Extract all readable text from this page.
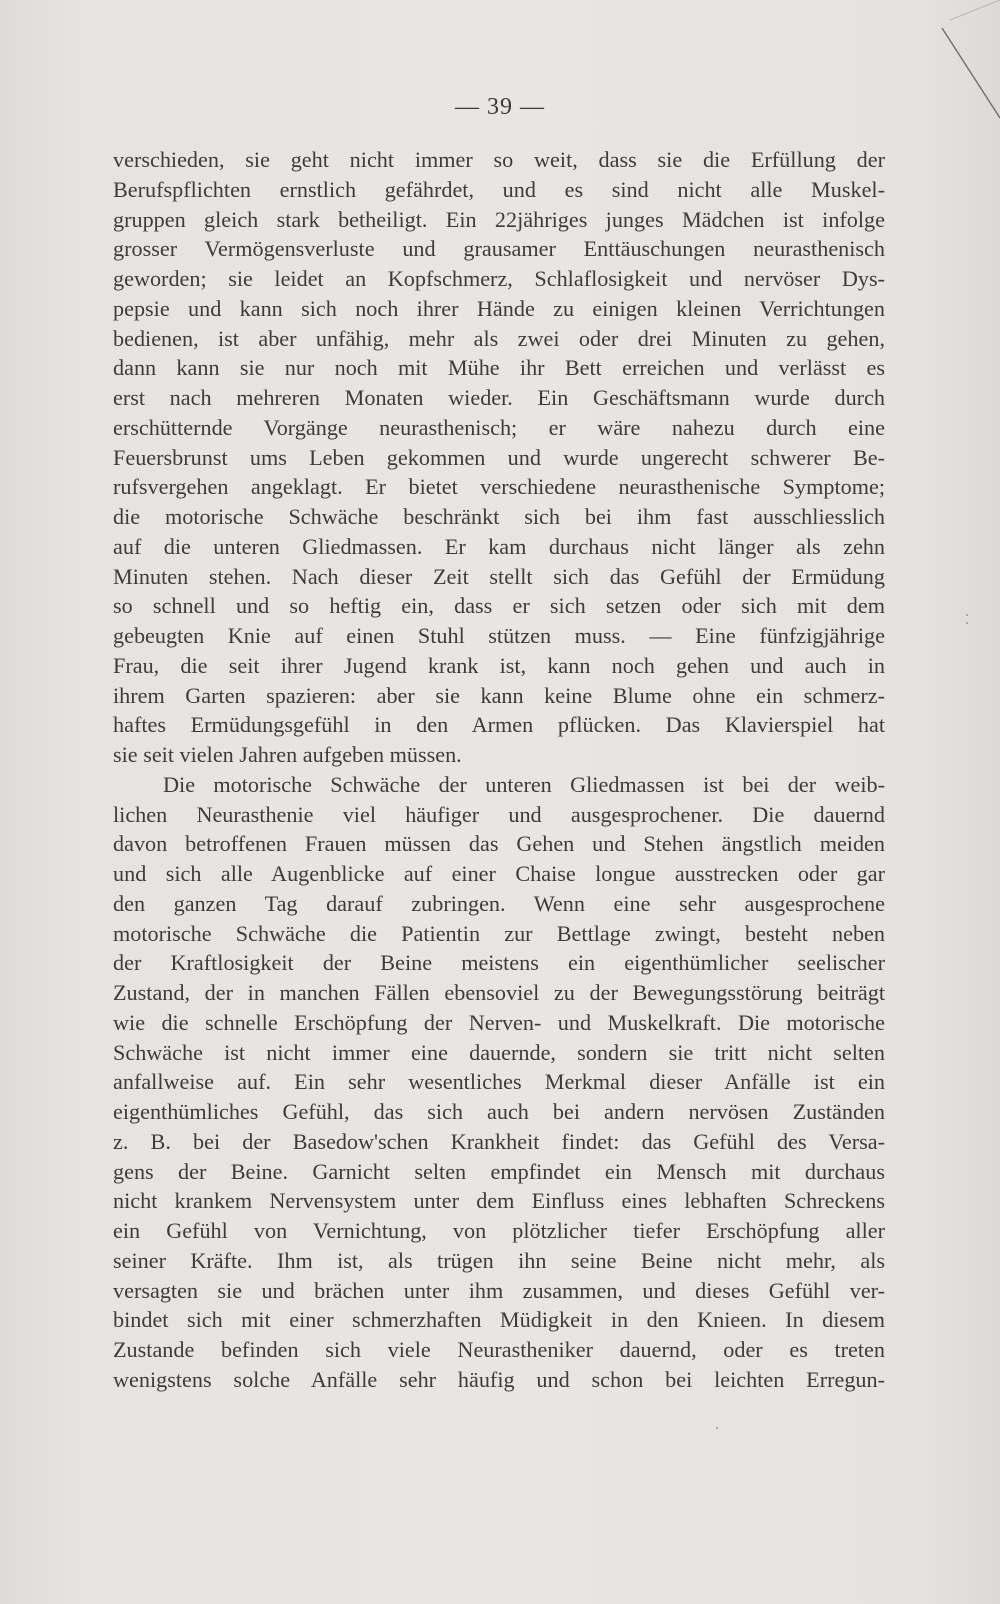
— 39 —
verschieden, sie geht nicht immer so weit, dass sie die Erfüllung der
Berufspflichten ernstlich gefährdet, und es sind nicht alle Muskel-
gruppen gleich stark betheiligt. Ein 22jähriges junges Mädchen ist infolge
grosser Vermögensverluste und grausamer Enttäuschungen neurasthenisch
geworden; sie leidet an Kopfschmerz, Schlaflosigkeit und nervöser Dys-
pepsie und kann sich noch ihrer Hände zu einigen kleinen Verrichtungen
bedienen, ist aber unfähig, mehr als zwei oder drei Minuten zu gehen,
dann kann sie nur noch mit Mühe ihr Bett erreichen und verlässt es
erst nach mehreren Monaten wieder. Ein Geschäftsmann wurde durch
erschütternde Vorgänge neurasthenisch; er wäre nahezu durch eine
Feuersbrunst ums Leben gekommen und wurde ungerecht schwerer Be-
rufsvergehen angeklagt. Er bietet verschiedene neurasthenische Symptome;
die motorische Schwäche beschränkt sich bei ihm fast ausschliesslich
auf die unteren Gliedmassen. Er kam durchaus nicht länger als zehn
Minuten stehen. Nach dieser Zeit stellt sich das Gefühl der Ermüdung
so schnell und so heftig ein, dass er sich setzen oder sich mit dem
gebeugten Knie auf einen Stuhl stützen muss. — Eine fünfzigjährige
Frau, die seit ihrer Jugend krank ist, kann noch gehen und auch in
ihrem Garten spazieren: aber sie kann keine Blume ohne ein schmerz-
haftes Ermüdungsgefühl in den Armen pflücken. Das Klavierspiel hat
sie seit vielen Jahren aufgeben müssen.
Die motorische Schwäche der unteren Gliedmassen ist bei der weib-
lichen Neurasthenie viel häufiger und ausgesprochener. Die dauernd
davon betroffenen Frauen müssen das Gehen und Stehen ängstlich meiden
und sich alle Augenblicke auf einer Chaise longue ausstrecken oder gar
den ganzen Tag darauf zubringen. Wenn eine sehr ausgesprochene
motorische Schwäche die Patientin zur Bettlage zwingt, besteht neben
der Kraftlosigkeit der Beine meistens ein eigenthümlicher seelischer
Zustand, der in manchen Fällen ebensoviel zu der Bewegungsstörung beiträgt
wie die schnelle Erschöpfung der Nerven- und Muskelkraft. Die motorische
Schwäche ist nicht immer eine dauernde, sondern sie tritt nicht selten
anfallweise auf. Ein sehr wesentliches Merkmal dieser Anfälle ist ein
eigenthümliches Gefühl, das sich auch bei andern nervösen Zuständen
z. B. bei der Basedow'schen Krankheit findet: das Gefühl des Versa-
gens der Beine. Garnicht selten empfindet ein Mensch mit durchaus
nicht krankem Nervensystem unter dem Einfluss eines lebhaften Schreckens
ein Gefühl von Vernichtung, von plötzlicher tiefer Erschöpfung aller
seiner Kräfte. Ihm ist, als trügen ihn seine Beine nicht mehr, als
versagten sie und brächen unter ihm zusammen, und dieses Gefühl ver-
bindet sich mit einer schmerzhaften Müdigkeit in den Knieen. In diesem
Zustande befinden sich viele Neurastheniker dauernd, oder es treten
wenigstens solche Anfälle sehr häufig und schon bei leichten Erregun-
